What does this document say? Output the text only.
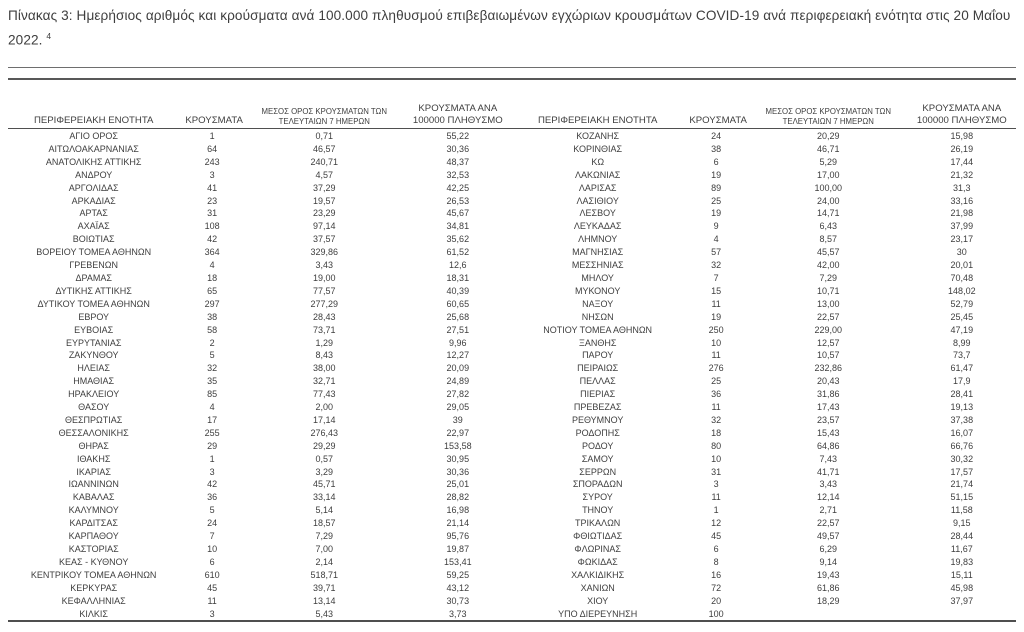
Πίνακας 3: Ημερήσιος αριθμός και κρούσματα ανά 100.000 πληθυσμού επιβεβαιωμένων εγχώριων κρουσμάτων COVID-19 ανά περιφερειακή ενότητα στις 20 Μαΐου 2022. $^4$
ΠΕΡΙΦΕΡΕΙΑΚΗ ΕΝΟΤΗΤΑ	ΚΡΟΥΣΜΑΤΑ	ΜΕΣΟΣ ΟΡΟΣ ΚΡΟΥΣΜΑΤΩΝ ΤΩΝ ΤΕΛΕΥΤΑΙΩΝ 7 ΗΜΕΡΩΝ	ΚΡΟΥΣΜΑΤΑ ΑΝΑ 100000 ΠΛΗΘΥΣΜΟ
ΑΓΙΟ ΟΡΟΣ	1	0,71	55,22
ΑΙΤΩΛΟΑΚΑΡΝΑΝΙΑΣ	64	46,57	30,36
ΑΝΑΤΟΛΙΚΗΣ ΑΤΤΙΚΗΣ	243	240,71	48,37
ΑΝΔΡΟΥ	3	4,57	32,53
ΑΡΓΟΛΙΔΑΣ	41	37,29	42,25
ΑΡΚΑΔΙΑΣ	23	19,57	26,53
ΑΡΤΑΣ	31	23,29	45,67
ΑΧΑΪΑΣ	108	97,14	34,81
ΒΟΙΩΤΙΑΣ	42	37,57	35,62
ΒΟΡΕΙΟΥ ΤΟΜΕΑ ΑΘΗΝΩΝ	364	329,86	61,52
ΓΡΕΒΕΝΩΝ	4	3,43	12,6
ΔΡΑΜΑΣ	18	19,00	18,31
ΔΥΤΙΚΗΣ ΑΤΤΙΚΗΣ	65	77,57	40,39
ΔΥΤΙΚΟΥ ΤΟΜΕΑ ΑΘΗΝΩΝ	297	277,29	60,65
ΕΒΡΟΥ	38	28,43	25,68
ΕΥΒΟΙΑΣ	58	73,71	27,51
ΕΥΡΥΤΑΝΙΑΣ	2	1,29	9,96
ΖΑΚΥΝΘΟΥ	5	8,43	12,27
ΗΛΕΙΑΣ	32	38,00	20,09
ΗΜΑΘΙΑΣ	35	32,71	24,89
ΗΡΑΚΛΕΙΟΥ	85	77,43	27,82
ΘΑΣΟΥ	4	2,00	29,05
ΘΕΣΠΡΩΤΙΑΣ	17	17,14	39
ΘΕΣΣΑΛΟΝΙΚΗΣ	255	276,43	22,97
ΘΗΡΑΣ	29	29,29	153,58
ΙΘΑΚΗΣ	1	0,57	30,95
ΙΚΑΡΙΑΣ	3	3,29	30,36
ΙΩΑΝΝΙΝΩΝ	42	45,71	25,01
ΚΑΒΑΛΑΣ	36	33,14	28,82
ΚΑΛΥΜΝΟΥ	5	5,14	16,98
ΚΑΡΔΙΤΣΑΣ	24	18,57	21,14
ΚΑΡΠΑΘΟΥ	7	7,29	95,76
ΚΑΣΤΟΡΙΑΣ	10	7,00	19,87
ΚΕΑΣ - ΚΥΘΝΟΥ	6	2,14	153,41
ΚΕΝΤΡΙΚΟΥ ΤΟΜΕΑ ΑΘΗΝΩΝ	610	518,71	59,25
ΚΕΡΚΥΡΑΣ	45	39,71	43,12
ΚΕΦΑΛΛΗΝΙΑΣ	11	13,14	30,73
ΚΙΛΚΙΣ	3	5,43	3,73
ΠΕΡΙΦΕΡΕΙΑΚΗ ΕΝΟΤΗΤΑ	ΚΡΟΥΣΜΑΤΑ	ΜΕΣΟΣ ΟΡΟΣ ΚΡΟΥΣΜΑΤΩΝ ΤΩΝ ΤΕΛΕΥΤΑΙΩΝ 7 ΗΜΕΡΩΝ	ΚΡΟΥΣΜΑΤΑ ΑΝΑ 100000 ΠΛΗΘΥΣΜΟ
ΚΟΖΑΝΗΣ	24	20,29	15,98
ΚΟΡΙΝΘΙΑΣ	38	46,71	26,19
ΚΩ	6	5,29	17,44
ΛΑΚΩΝΙΑΣ	19	17,00	21,32
ΛΑΡΙΣΑΣ	89	100,00	31,3
ΛΑΣΙΘΙΟΥ	25	24,00	33,16
ΛΕΣΒΟΥ	19	14,71	21,98
ΛΕΥΚΑΔΑΣ	9	6,43	37,99
ΛΗΜΝΟΥ	4	8,57	23,17
ΜΑΓΝΗΣΙΑΣ	57	45,57	30
ΜΕΣΣΗΝΙΑΣ	32	42,00	20,01
ΜΗΛΟΥ	7	7,29	70,48
ΜΥΚΟΝΟΥ	15	10,71	148,02
ΝΑΞΟΥ	11	13,00	52,79
ΝΗΣΩΝ	19	22,57	25,45
ΝΟΤΙΟΥ ΤΟΜΕΑ ΑΘΗΝΩΝ	250	229,00	47,19
ΞΑΝΘΗΣ	10	12,57	8,99
ΠΑΡΟΥ	11	10,57	73,7
ΠΕΙΡΑΙΩΣ	276	232,86	61,47
ΠΕΛΛΑΣ	25	20,43	17,9
ΠΙΕΡΙΑΣ	36	31,86	28,41
ΠΡΕΒΕΖΑΣ	11	17,43	19,13
ΡΕΘΥΜΝΟΥ	32	23,57	37,38
ΡΟΔΟΠΗΣ	18	15,43	16,07
ΡΟΔΟΥ	80	64,86	66,76
ΣΑΜΟΥ	10	7,43	30,32
ΣΕΡΡΩΝ	31	41,71	17,57
ΣΠΟΡΑΔΩΝ	3	3,43	21,74
ΣΥΡΟΥ	11	12,14	51,15
ΤΗΝΟΥ	1	2,71	11,58
ΤΡΙΚΑΛΩΝ	12	22,57	9,15
ΦΘΙΩΤΙΔΑΣ	45	49,57	28,44
ΦΛΩΡΙΝΑΣ	6	6,29	11,67
ΦΩΚΙΔΑΣ	8	9,14	19,83
ΧΑΛΚΙΔΙΚΗΣ	16	19,43	15,11
ΧΑΝΙΩΝ	72	61,86	45,98
ΧΙΟΥ	20	18,29	37,97
ΥΠΟ ΔΙΕΡΕΥΝΗΣΗ	100		
